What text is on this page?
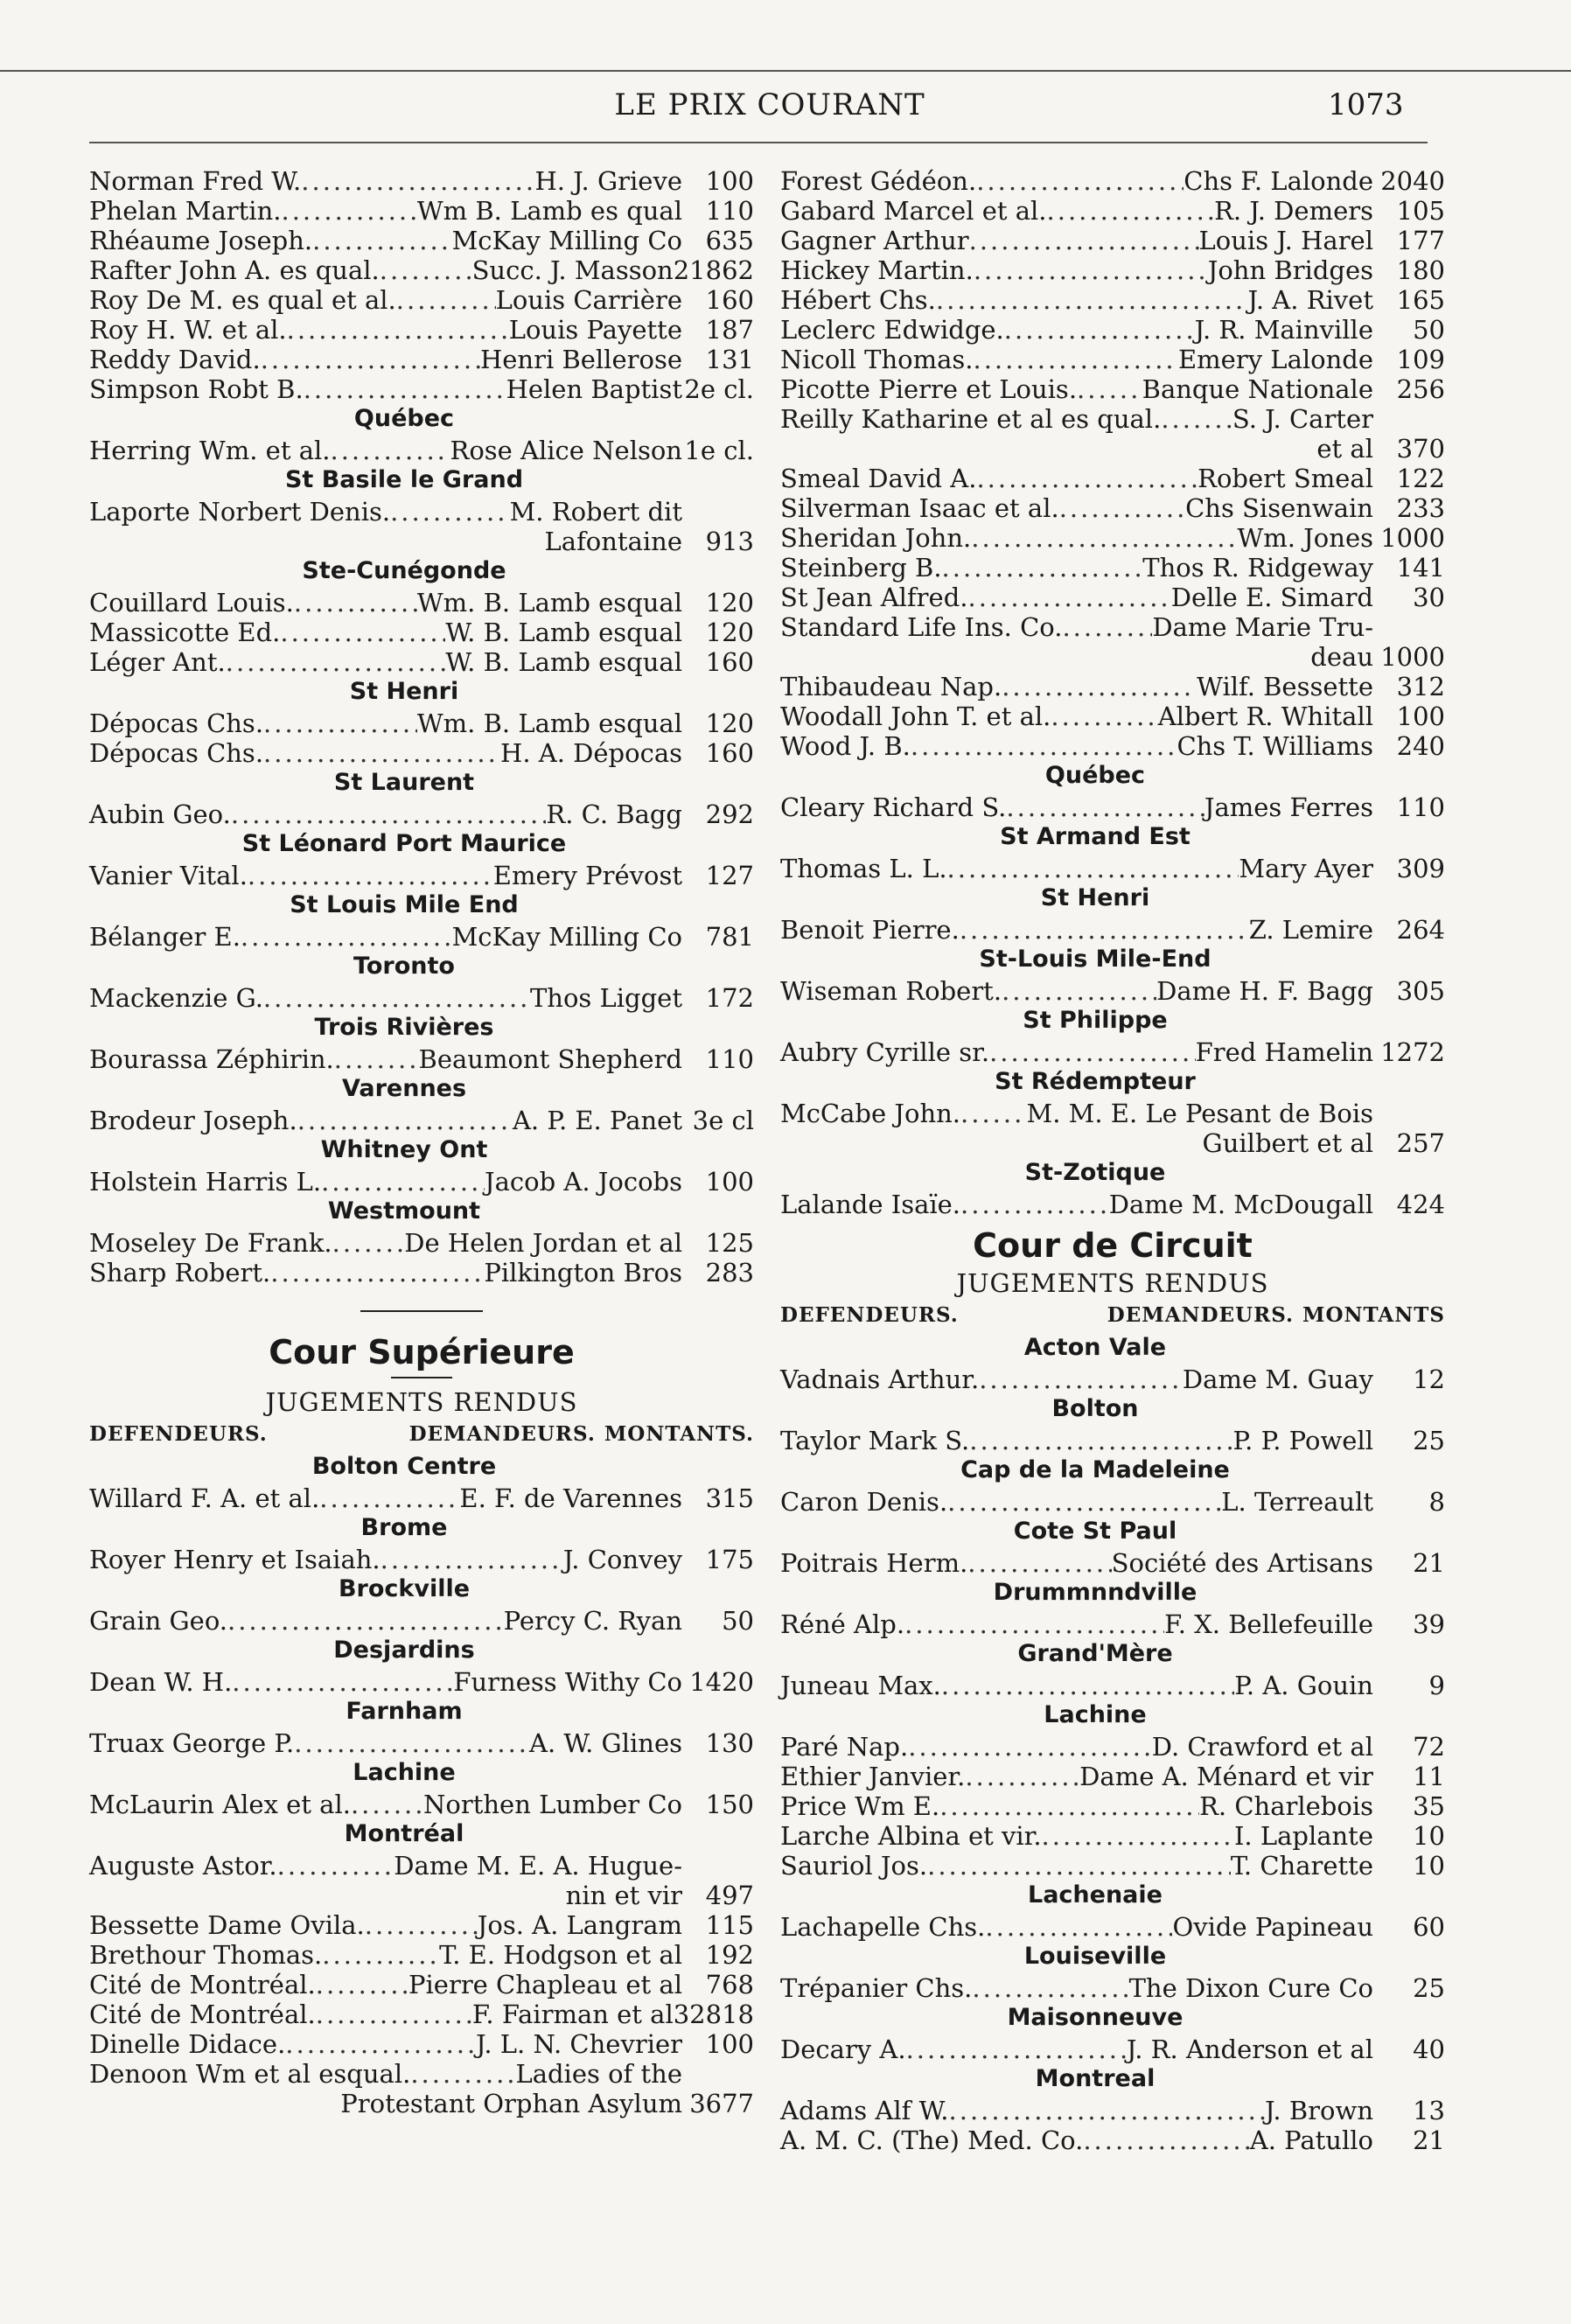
LE PRIX COURANT	1073
Norman Fred W. .....	H. J. Grieve 100
Phelan Martin. .....	Wm B. Lamb es qual 110
Rhéaume Joseph. .....	McKay Milling Co 635
Rafter John A. es qual. .....	Succ. J. Masson 21862
Roy De M. es qual et al. .....	Louis Carrière 160
Roy H. W. et al. .....	Louis Payette 187
Reddy David. .....	Henri Bellerose 131
Simpson Robt B. .....	Helen Baptist 2e cl.
Québec
Herring Wm. et al. .....	Rose Alice Nelson 1e cl.
St Basile le Grand
Laporte Norbert Denis. .....	M. Robert dit
Lafontaine 913
Ste-Cunégonde
Couillard Louis. .....	Wm. B. Lamb esqual 120
Massicotte Ed. .....	W. B. Lamb esqual 120
Léger Ant. .....	W. B. Lamb esqual 160
St Henri
Dépocas Chs. .....	Wm. B. Lamb esqual 120
Dépocas Chs. .....	H. A. Dépocas 160
St Laurent
Aubin Geo. .....	R. C. Bagg 292
St Léonard Port Maurice
Vanier Vital. .....	Emery Prévost 127
St Louis Mile End
Bélanger E. .....	McKay Milling Co 781
Toronto
Mackenzie G. .....	Thos Ligget 172
Trois Rivières
Bourassa Zéphirin. .....	Beaumont Shepherd 110
Varennes
Brodeur Joseph. .....	A. P. E. Panet 3e cl
Whitney Ont
Holstein Harris L. .....	Jacob A. Jocobs 100
Westmount
Moseley De Frank. .....	De Helen Jordan et al 125
Sharp Robert. .....	Pilkington Bros 283
Cour Supérieure
JUGEMENTS RENDUS
DEFENDEURS.	DEMANDEURS. MONTANTS.
Bolton Centre
Willard F. A. et al. .....	E. F. de Varennes 315
Brome
Royer Henry et Isaiah. .....	J. Convey 175
Brockville
Grain Geo. .....	Percy C. Ryan	50
Desjardins
Dean W. H. .....	Furness Withy Co 1420
Farnham
Truax George P. .....	A. W. Glines 130
Lachine
McLaurin Alex et al. .....	Northen Lumber Co 150
Montréal
Auguste Astor. .....	Dame M. E. A. Hugue-
nin et vir 497
Bessette Dame Ovila. .....	Jos. A. Langram 115
Brethour Thomas. .....	T. E. Hodgson et al 192
Cité de Montréal. .....	Pierre Chapleau et al 768
Cité de Montréal. .....	F. Fairman et al 32818
Dinelle Didace. .....	J. L. N. Chevrier 100
Denoon Wm et al esqual. .....	Ladies of the
Protestant Orphan Asylum 3677
Forest Gédéon. .....	Chs F. Lalonde 2040
Gabard Marcel et al. .....	R. J. Demers 105
Gagner Arthur .....	Louis J. Harel 177
Hickey Martin. .....	John Bridges 180
Hébert Chs. .....	J. A. Rivet 165
Leclerc Edwidge. .....	J. R. Mainville	50
Nicoll Thomas. .....	Emery Lalonde 109
Picotte Pierre et Louis. .....	Banque Nationale 256
Reilly Katharine et al es qual. .....	S. J. Carter
et al 370
Smeal David A. .....	Robert Smeal 122
Silverman Isaac et al. .....	Chs Sisenwain 233
Sheridan John. .....	Wm. Jones 1000
Steinberg B. .....	Thos R. Ridgeway 141
St Jean Alfred. .....	Delle E. Simard	30
Standard Life Ins. Co. .....	Dame Marie Tru-
deau 1000
Thibaudeau Nap. .....	Wilf. Bessette 312
Woodall John T. et al. .....	Albert R. Whitall 100
Wood J. B. .....	Chs T. Williams 240
Québec
Cleary Richard S. .....	James Ferres 110
St Armand Est
Thomas L. L. .....	Mary Ayer 309
St Henri
Benoit Pierre. .....	Z. Lemire 264
St-Louis Mile-End
Wiseman Robert. .....	Dame H. F. Bagg 305
St Philippe
Aubry Cyrille sr. .....	Fred Hamelin 1272
St Rédempteur
McCabe John. .....	M. M. E. Le Pesant de Bois
Guilbert et al 257
St-Zotique
Lalande Isaïe. .....	Dame M. McDougall 424
Cour de Circuit
JUGEMENTS RENDUS
DEFENDEURS.	DEMANDEURS. MONTANTS
Acton Vale
Vadnais Arthur. .....	Dame M. Guay	12
Bolton
Taylor Mark S. .....	P. P. Powell	25
Cap de la Madeleine
Caron Denis. .....	L. Terreault	8
Cote St Paul
Poitrais Herm. .....	Société des Artisans	21
Drummnndville
Réné Alp. .....	F. X. Bellefeuille	39
Grand'Mère
Juneau Max. .....	P. A. Gouin	9
Lachine
Paré Nap. .....	D. Crawford et al	72
Ethier Janvier. .....	Dame A. Ménard et vir	11
Price Wm E. .....	R. Charlebois	35
Larche Albina et vir. .....	I. Laplante	10
Sauriol Jos. .....	T. Charette	10
Lachenaie
Lachapelle Chs. .....	Ovide Papineau	60
Louiseville
Trépanier Chs. .....	The Dixon Cure Co	25
Maisonneuve
Decary A. .....	J. R. Anderson et al	40
Montreal
Adams Alf W. .....	J. Brown	13
A. M. C. (The) Med. Co. .....	A. Patullo	21
